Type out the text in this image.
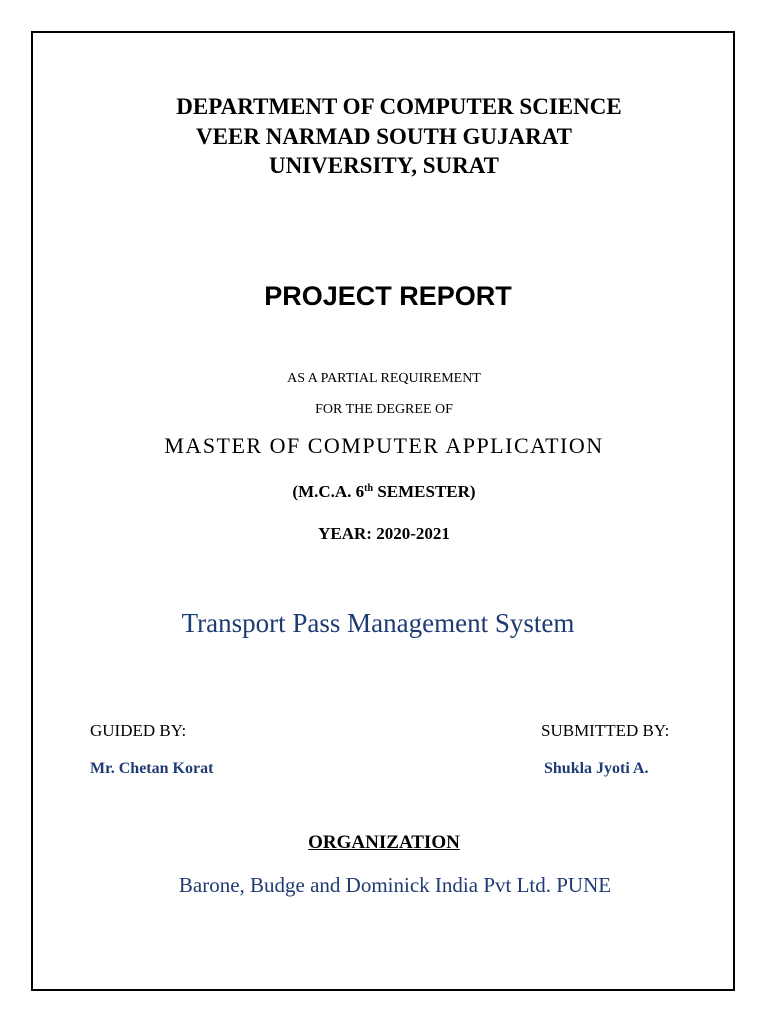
DEPARTMENT OF COMPUTER SCIENCE
VEER NARMAD SOUTH GUJARAT
UNIVERSITY, SURAT
PROJECT REPORT
AS A PARTIAL REQUIREMENT
FOR THE DEGREE OF
MASTER OF COMPUTER APPLICATION
(M.C.A. 6th SEMESTER)
YEAR: 2020-2021
Transport Pass Management System
GUIDED BY:
Mr. Chetan Korat
SUBMITTED BY:
Shukla Jyoti A.
ORGANIZATION
Barone, Budge and Dominick India Pvt Ltd. PUNE
